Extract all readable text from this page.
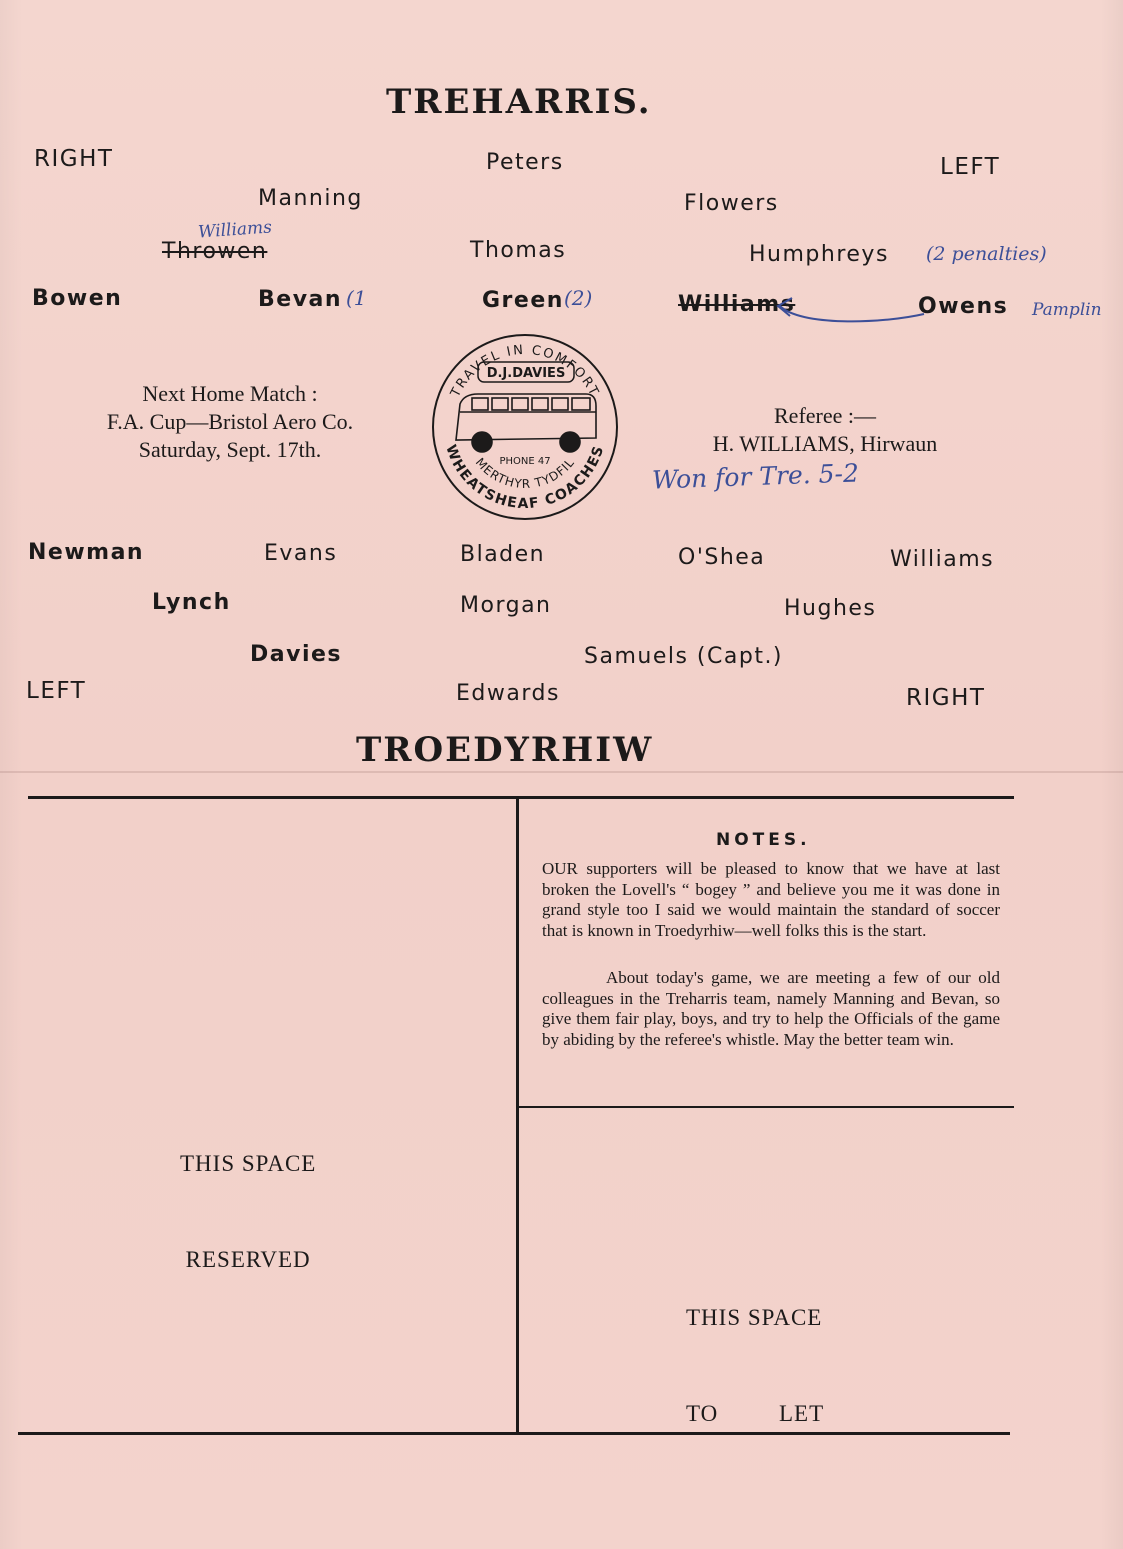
TREHARRIS.
RIGHT	LEFT
Peters
Manning	Flowers
Williams
Throwen	Thomas	Humphreys (2 penalties)
Bowen	Bevan (1	Green (2)	Williams	Owens Pamplin
Next Home Match :
F.A. Cup—Bristol Aero Co.
Saturday, Sept. 17th.
TRAVEL IN COMFORT
D.J.DAVIES
PHONE 47
MERTHYR TYDFIL
WHEATSHEAF COACHES
Referee :—
H. WILLIAMS, Hirwaun
Won for Tre. 5-2
Newman	Evans	Bladen	O'Shea	Williams
Lynch	Morgan	Hughes
Davies	Samuels (Capt.)
LEFT	Edwards	RIGHT
TROEDYRHIW

THIS SPACE

RESERVED

NOTES.
OUR supporters will be pleased to know that we have at last broken the Lovell's “ bogey ” and believe you me it was done in grand style too I said we would maintain the standard of soccer that is known in Troedyrhiw—well folks this is the start.
About today's game, we are meeting a few of our old colleagues in the Treharris team, namely Manning and Bevan, so give them fair play, boys, and try to help the Officials of the game by abiding by the referee's whistle. May the better team win.

THIS SPACE

TO         LET
